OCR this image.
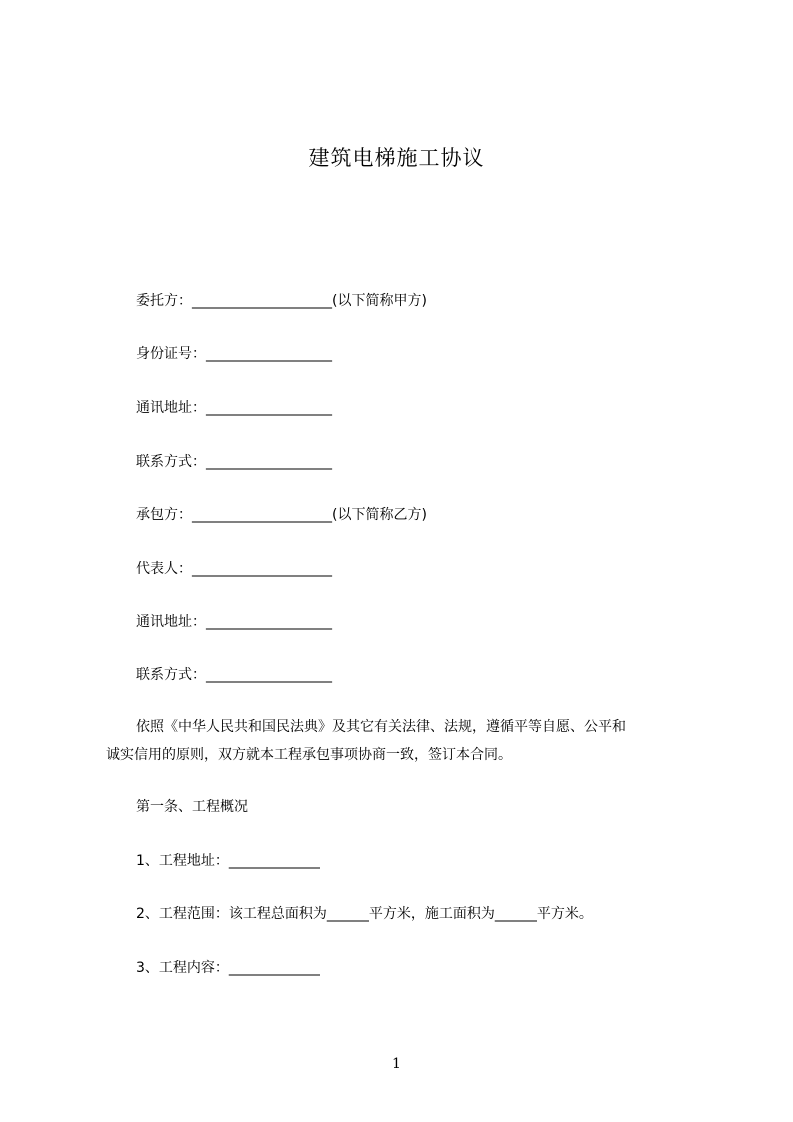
建筑电梯施工协议
委托方：____________________(以下简称甲方)
身份证号：__________________
通讯地址：__________________
联系方式：__________________
承包方：____________________(以下简称乙方)
代表人：____________________
通讯地址：__________________
联系方式：__________________
依照《中华人民共和国民法典》及其它有关法律、法规，遵循平等自愿、公平和
诚实信用的原则，双方就本工程承包事项协商一致，签订本合同。
第一条、工程概况
1、工程地址：_____________
2、工程范围：该工程总面积为______平方米，施工面积为______平方米。
3、工程内容：_____________
1
